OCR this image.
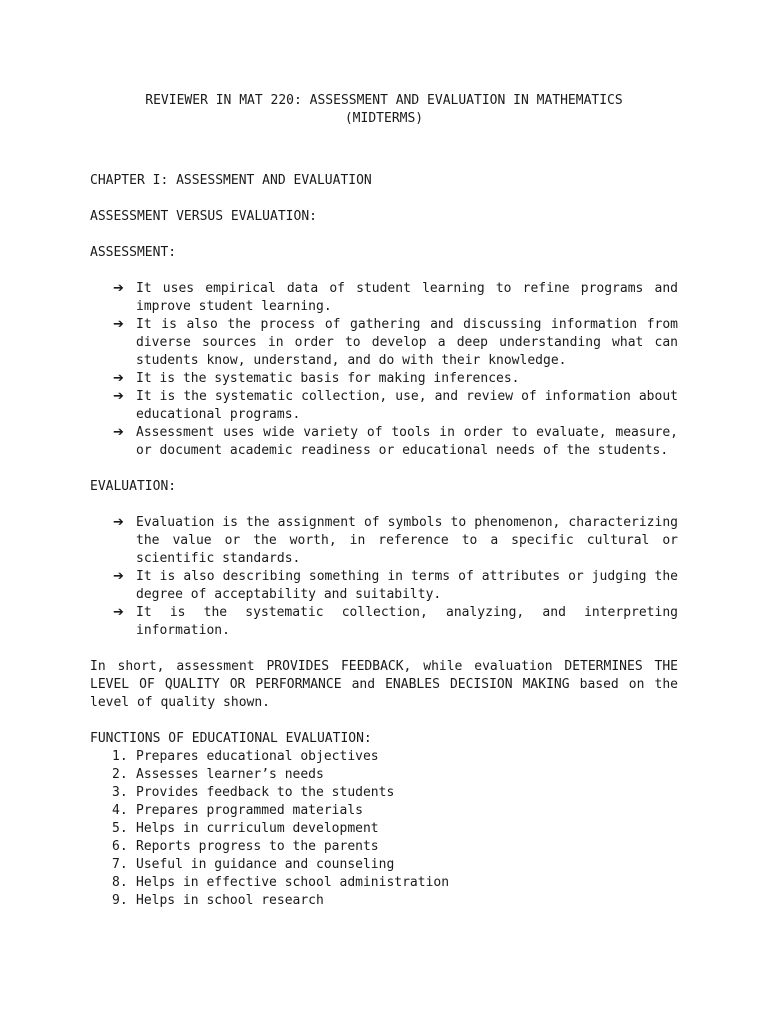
REVIEWER IN MAT 220: ASSESSMENT AND EVALUATION IN MATHEMATICS

(MIDTERMS)

CHAPTER I: ASSESSMENT AND EVALUATION

ASSESSMENT VERSUS EVALUATION:

ASSESSMENT:

➔ It uses empirical data of student learning to refine programs and improve student learning.
➔ It is also the process of gathering and discussing information from diverse sources in order to develop a deep understanding what can students know, understand, and do with their knowledge.
➔ It is the systematic basis for making inferences.
➔ It is the systematic collection, use, and review of information about educational programs.
➔ Assessment uses wide variety of tools in order to evaluate, measure, or document academic readiness or educational needs of the students.

EVALUATION:

➔ Evaluation is the assignment of symbols to phenomenon, characterizing the value or the worth, in reference to a specific cultural or scientific standards.
➔ It is also describing something in terms of attributes or judging the degree of acceptability and suitabilty.
➔ It is the systematic collection, analyzing, and interpreting information.

In short, assessment PROVIDES FEEDBACK, while evaluation DETERMINES THE LEVEL OF QUALITY OR PERFORMANCE and ENABLES DECISION MAKING based on the level of quality shown.

FUNCTIONS OF EDUCATIONAL EVALUATION:

1. Prepares educational objectives
2. Assesses learner’s needs
3. Provides feedback to the students
4. Prepares programmed materials
5. Helps in curriculum development
6. Reports progress to the parents
7. Useful in guidance and counseling
8. Helps in effective school administration
9. Helps in school research
